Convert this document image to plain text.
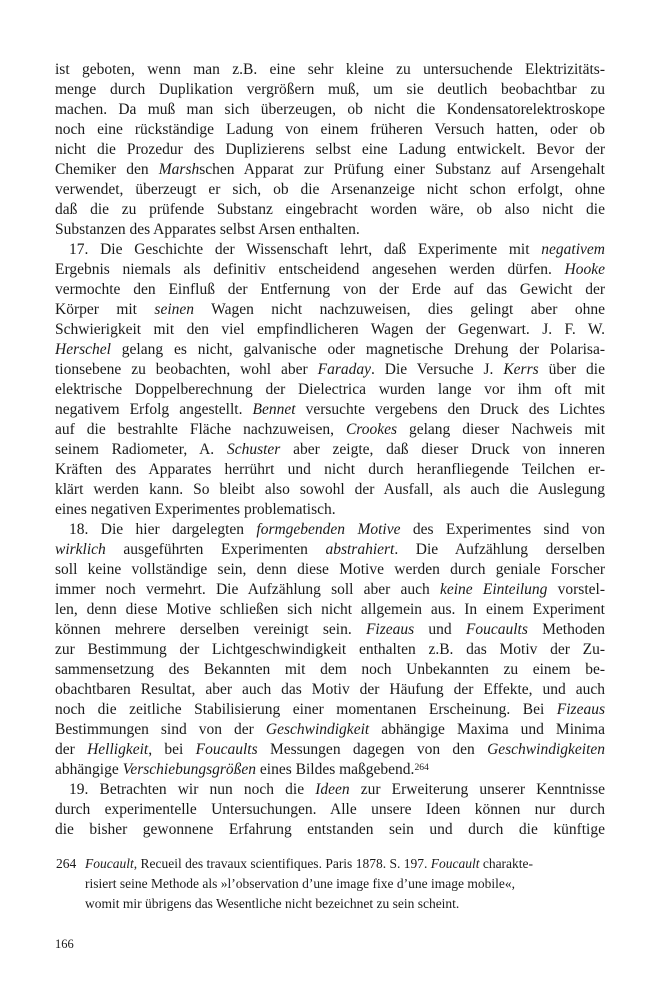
ist geboten, wenn man z.B. eine sehr kleine zu untersuchende Elektrizitäts-
menge durch Duplikation vergrößern muß, um sie deutlich beobachtbar zu
machen. Da muß man sich überzeugen, ob nicht die Kondensatorelektroskope
noch eine rückständige Ladung von einem früheren Versuch hatten, oder ob
nicht die Prozedur des Duplizierens selbst eine Ladung entwickelt. Bevor der
Chemiker den Marshschen Apparat zur Prüfung einer Substanz auf Arsengehalt
verwendet, überzeugt er sich, ob die Arsenanzeige nicht schon erfolgt, ohne
daß die zu prüfende Substanz eingebracht worden wäre, ob also nicht die
Substanzen des Apparates selbst Arsen enthalten.
17. Die Geschichte der Wissenschaft lehrt, daß Experimente mit negativem
Ergebnis niemals als definitiv entscheidend angesehen werden dürfen. Hooke
vermochte den Einfluß der Entfernung von der Erde auf das Gewicht der
Körper mit seinen Wagen nicht nachzuweisen, dies gelingt aber ohne
Schwierigkeit mit den viel empfindlicheren Wagen der Gegenwart. J. F. W.
Herschel gelang es nicht, galvanische oder magnetische Drehung der Polarisa-
tionsebene zu beobachten, wohl aber Faraday. Die Versuche J. Kerrs über die
elektrische Doppelberechnung der Dielectrica wurden lange vor ihm oft mit
negativem Erfolg angestellt. Bennet versuchte vergebens den Druck des Lichtes
auf die bestrahlte Fläche nachzuweisen, Crookes gelang dieser Nachweis mit
seinem Radiometer, A. Schuster aber zeigte, daß dieser Druck von inneren
Kräften des Apparates herrührt und nicht durch heranfliegende Teilchen er-
klärt werden kann. So bleibt also sowohl der Ausfall, als auch die Auslegung
eines negativen Experimentes problematisch.
18. Die hier dargelegten formgebenden Motive des Experimentes sind von
wirklich ausgeführten Experimenten abstrahiert. Die Aufzählung derselben
soll keine vollständige sein, denn diese Motive werden durch geniale Forscher
immer noch vermehrt. Die Aufzählung soll aber auch keine Einteilung vorstel-
len, denn diese Motive schließen sich nicht allgemein aus. In einem Experiment
können mehrere derselben vereinigt sein. Fizeaus und Foucaults Methoden
zur Bestimmung der Lichtgeschwindigkeit enthalten z.B. das Motiv der Zu-
sammensetzung des Bekannten mit dem noch Unbekannten zu einem be-
obachtbaren Resultat, aber auch das Motiv der Häufung der Effekte, und auch
noch die zeitliche Stabilisierung einer momentanen Erscheinung. Bei Fizeaus
Bestimmungen sind von der Geschwindigkeit abhängige Maxima und Minima
der Helligkeit, bei Foucaults Messungen dagegen von den Geschwindigkeiten
abhängige Verschiebungsgrößen eines Bildes maßgebend.$^{264}$
19. Betrachten wir nun noch die Ideen zur Erweiterung unserer Kenntnisse
durch experimentelle Untersuchungen. Alle unsere Ideen können nur durch
die bisher gewonnene Erfahrung entstanden sein und durch die künftige
264 Foucault, Recueil des travaux scientifiques. Paris 1878. S. 197. Foucault charakte-
risiert seine Methode als »l’observation d’une image fixe d’une image mobile«,
womit mir übrigens das Wesentliche nicht bezeichnet zu sein scheint.
166
